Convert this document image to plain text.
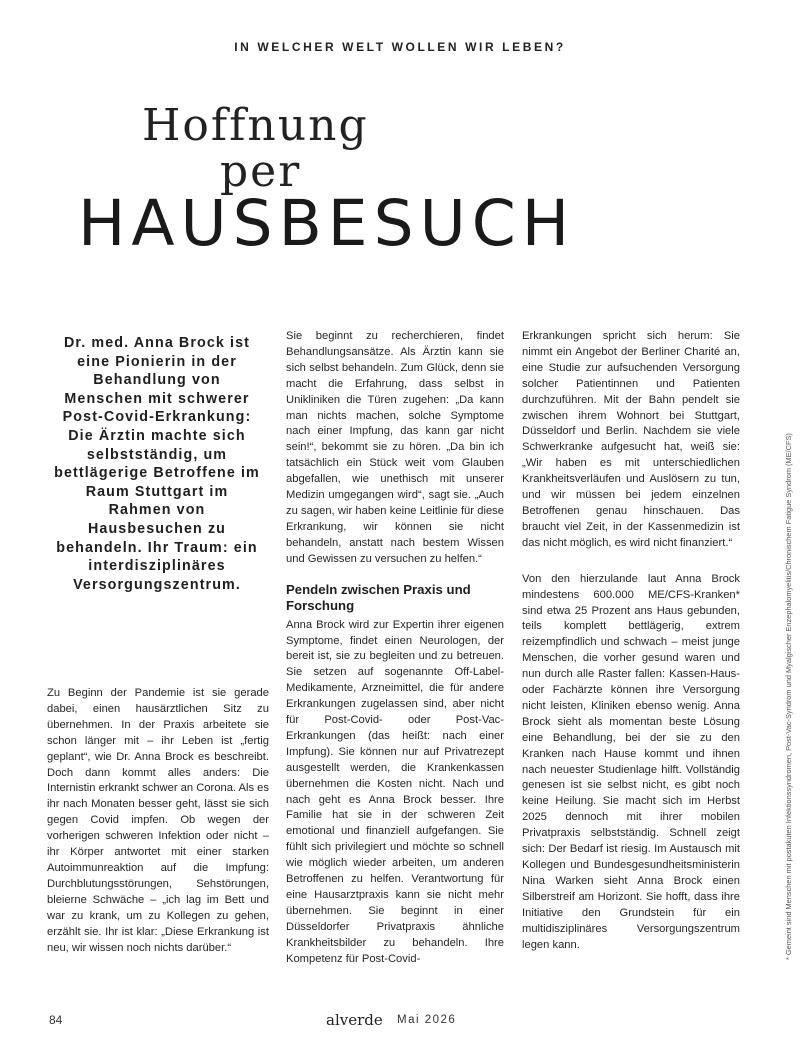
IN WELCHER WELT WOLLEN WIR LEBEN?
Hoffnung
per
HAUSBESUCH

Dr. med. Anna Brock ist eine Pionierin in der Behandlung von Menschen mit schwerer Post-Covid-Erkrankung: Die Ärztin machte sich selbstständig, um bettlägerige Betroffene im Raum Stuttgart im Rahmen von Hausbesuchen zu behandeln. Ihr Traum: ein interdisziplinäres Versorgungszentrum.

Zu Beginn der Pandemie ist sie gerade dabei, einen hausärztlichen Sitz zu übernehmen. In der Praxis arbeitete sie schon länger mit – ihr Leben ist „fertig geplant“, wie Dr. Anna Brock es beschreibt. Doch dann kommt alles anders: Die Internistin erkrankt schwer an Corona. Als es ihr nach Monaten besser geht, lässt sie sich gegen Covid impfen. Ob wegen der vorherigen schweren Infektion oder nicht – ihr Körper antwortet mit einer starken Autoimmunreaktion auf die Impfung: Durchblutungsstörungen, Sehstörungen, bleierne Schwäche – „ich lag im Bett und war zu krank, um zu Kollegen zu gehen, erzählt sie. Ihr ist klar: „Diese Erkrankung ist neu, wir wissen noch nichts darüber.“

Sie beginnt zu recherchieren, findet Behandlungsansätze. Als Ärztin kann sie sich selbst behandeln. Zum Glück, denn sie macht die Erfahrung, dass selbst in Unikliniken die Türen zugehen: „Da kann man nichts machen, solche Symptome nach einer Impfung, das kann gar nicht sein!“, bekommt sie zu hören. „Da bin ich tatsächlich ein Stück weit vom Glauben abgefallen, wie unethisch mit unserer Medizin umgegangen wird“, sagt sie. „Auch zu sagen, wir haben keine Leitlinie für diese Erkrankung, wir können sie nicht behandeln, anstatt nach bestem Wissen und Gewissen zu versuchen zu helfen.“

Pendeln zwischen Praxis und Forschung

Anna Brock wird zur Expertin ihrer eigenen Symptome, findet einen Neurologen, der bereit ist, sie zu begleiten und zu betreuen. Sie setzen auf sogenannte Off-Label-Medikamente, Arzneimittel, die für andere Erkrankungen zugelassen sind, aber nicht für Post-Covid- oder Post-Vac-Erkrankungen (das heißt: nach einer Impfung). Sie können nur auf Privatrezept ausgestellt werden, die Krankenkassen übernehmen die Kosten nicht. Nach und nach geht es Anna Brock besser. Ihre Familie hat sie in der schweren Zeit emotional und finanziell aufgefangen. Sie fühlt sich privilegiert und möchte so schnell wie möglich wieder arbeiten, um anderen Betroffenen zu helfen. Verantwortung für eine Hausarztpraxis kann sie nicht mehr übernehmen. Sie beginnt in einer Düsseldorfer Privatpraxis ähnliche Krankheitsbilder zu behandeln. Ihre Kompetenz für Post-Covid-

Erkrankungen spricht sich herum: Sie nimmt ein Angebot der Berliner Charité an, eine Studie zur aufsuchenden Versorgung solcher Patientinnen und Patienten durchzuführen. Mit der Bahn pendelt sie zwischen ihrem Wohnort bei Stuttgart, Düsseldorf und Berlin. Nachdem sie viele Schwerkranke aufgesucht hat, weiß sie: „Wir haben es mit unterschiedlichen Krankheitsverläufen und Auslösern zu tun, und wir müssen bei jedem einzelnen Betroffenen genau hinschauen. Das braucht viel Zeit, in der Kassenmedizin ist das nicht möglich, es wird nicht finanziert.“

Von den hierzulande laut Anna Brock mindestens 600.000 ME/CFS-Kranken* sind etwa 25 Prozent ans Haus gebunden, teils komplett bettlägerig, extrem reizempfindlich und schwach – meist junge Menschen, die vorher gesund waren und nun durch alle Raster fallen: Kassen-Haus- oder Fachärzte können ihre Versorgung nicht leisten, Kliniken ebenso wenig. Anna Brock sieht als momentan beste Lösung eine Behandlung, bei der sie zu den Kranken nach Hause kommt und ihnen nach neuester Studienlage hilft. Vollständig genesen ist sie selbst nicht, es gibt noch keine Heilung. Sie macht sich im Herbst 2025 dennoch mit ihrer mobilen Privatpraxis selbstständig. Schnell zeigt sich: Der Bedarf ist riesig. Im Austausch mit Kollegen und Bundesgesundheitsministerin Nina Warken sieht Anna Brock einen Silberstreif am Horizont. Sie hofft, dass ihre Initiative den Grundstein für ein multidisziplinäres Versorgungszentrum legen kann.	* Gemeint sind Menschen mit postakuten Infektionssyndromen, Post-Vac-Syndrom und Myalgischer Enzephalomyelitis/Chronischem Fatigue Syndrom (ME/CFS)
84	alverde Mai 2026
